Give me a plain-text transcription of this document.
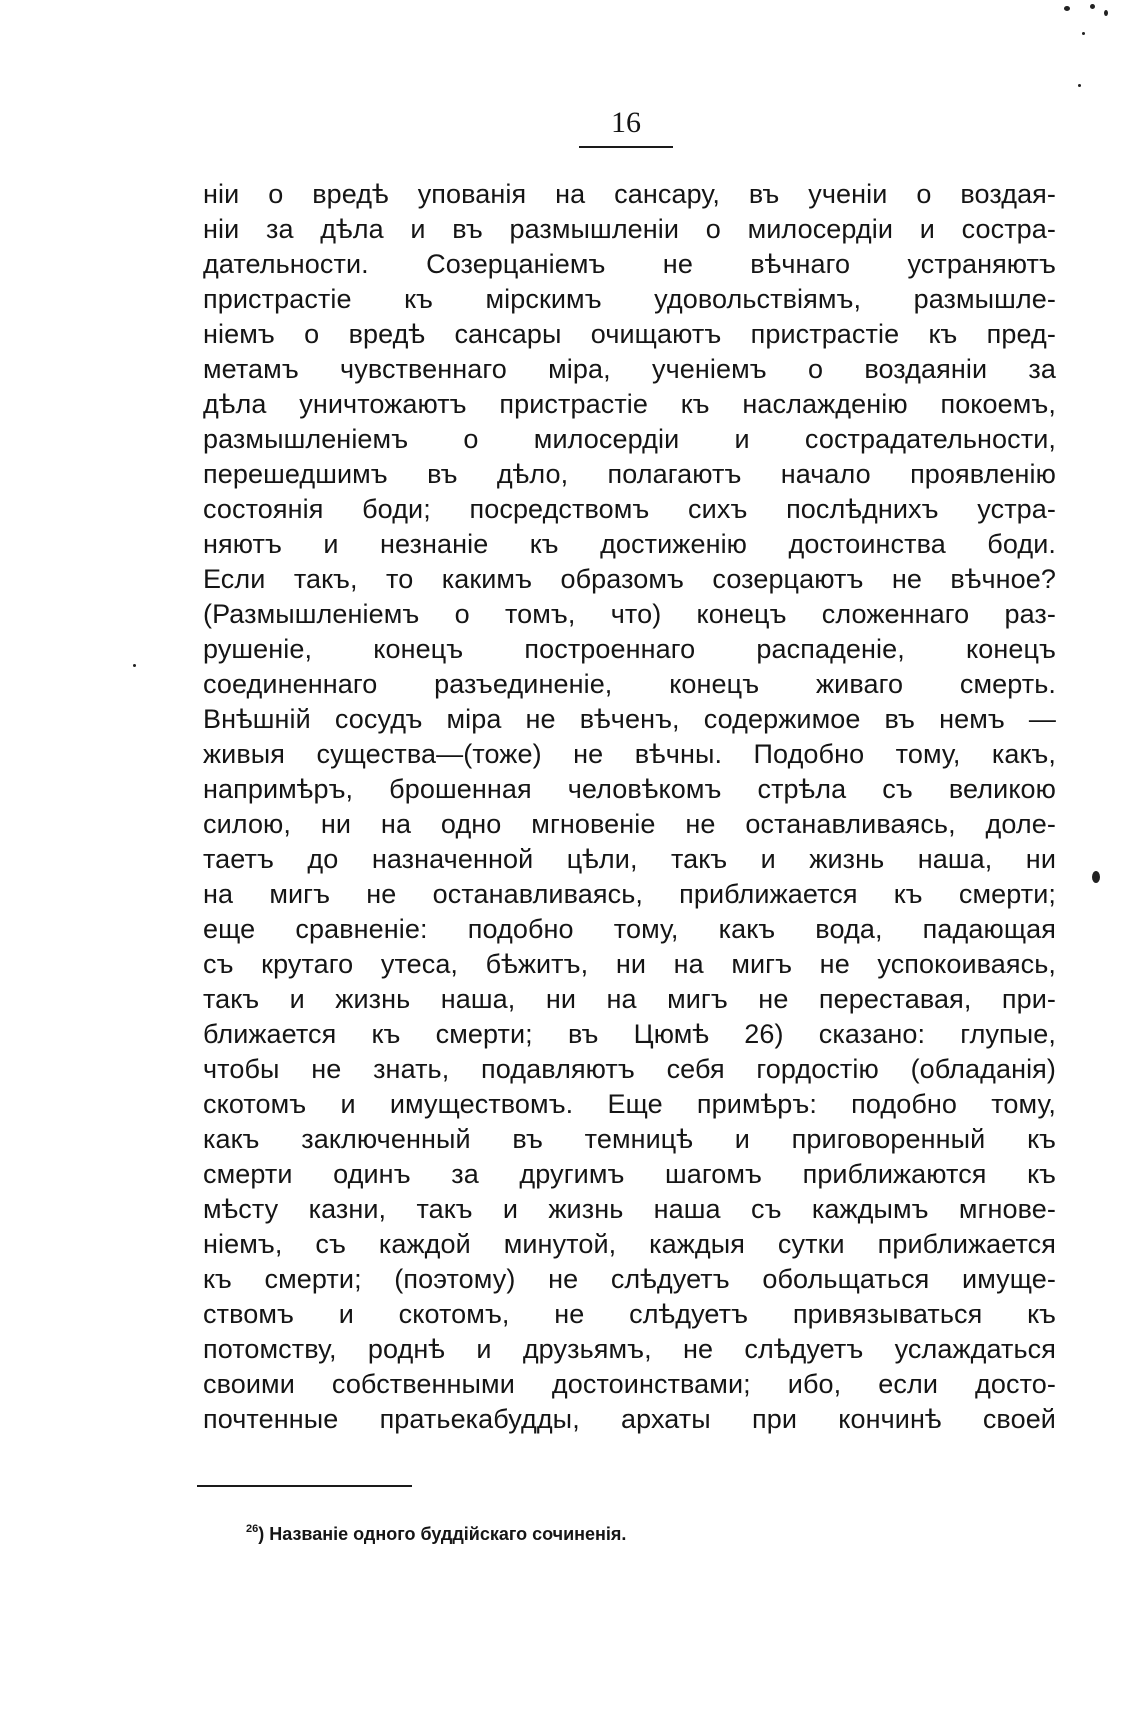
16
ніи о вредѣ упованія на сансару, въ ученіи о воздая-
ніи за дѣла и въ размышленіи о милосердіи и сострa-
дательности. Созерцаніемъ не вѣчнаго устраняютъ
пристрастіе къ мірскимъ удовольствіямъ, размышле-
ніемъ о вредѣ сансары очищаютъ пристрастіе къ пред-
метамъ чувственнаго міра, ученіемъ о воздаяніи за
дѣла уничтожаютъ пристрастіе къ наслажденію покоемъ,
размышленіемъ о милосердіи и сострадательности,
перешедшимъ въ дѣло, полагаютъ начало проявленію
состоянія боди; посредствомъ сихъ послѣднихъ устра-
няютъ и незнаніе къ достиженію достоинства боди.
Если такъ, то какимъ образомъ созерцаютъ не вѣчное?
(Размышленіемъ о томъ, что) конецъ сложеннаго раз-
рушеніе, конецъ построеннаго распаденіе, конецъ
соединеннаго разъединеніе, конецъ живаго смерть.
Внѣшній сосудъ міра не вѣченъ, содержимое въ немъ —
живыя существа—(тоже) не вѣчны. Подобно тому, какъ,
напримѣръ, брошенная человѣкомъ стрѣла съ великою
силою, ни на одно мгновеніе не останавливаясь, доле-
таетъ до назначенной цѣли, такъ и жизнь наша, ни
на мигъ не останавливаясь, приближается къ смерти;
еще сравненіе: подобно тому, какъ вода, падающая
съ крутаго утеса, бѣжитъ, ни на мигъ не успокоиваясь,
такъ и жизнь наша, ни на мигъ не переставая, при-
ближается къ смерти; въ Цюмѣ 26) сказано: глупые,
чтобы не знать, подавляютъ себя гордостію (обладанія)
скотомъ и имуществомъ. Еще примѣръ: подобно тому,
какъ заключенный въ темницѣ и приговоренный къ
смерти одинъ за другимъ шагомъ приближаются къ
мѣсту казни, такъ и жизнь наша съ каждымъ мгнове-
ніемъ, съ каждой минутой, каждыя сутки приближается
къ смерти; (поэтому) не слѣдуетъ обольщаться имуще-
ствомъ и скотомъ, не слѣдуетъ привязываться къ
потомству, роднѣ и друзьямъ, не слѣдуетъ услаждаться
своими собственными достоинствами; ибо, если досто-
почтенные пратьекабудды, архаты при кончинѣ своей
$^{26}$) Названіе одного буддійскаго сочиненія.
